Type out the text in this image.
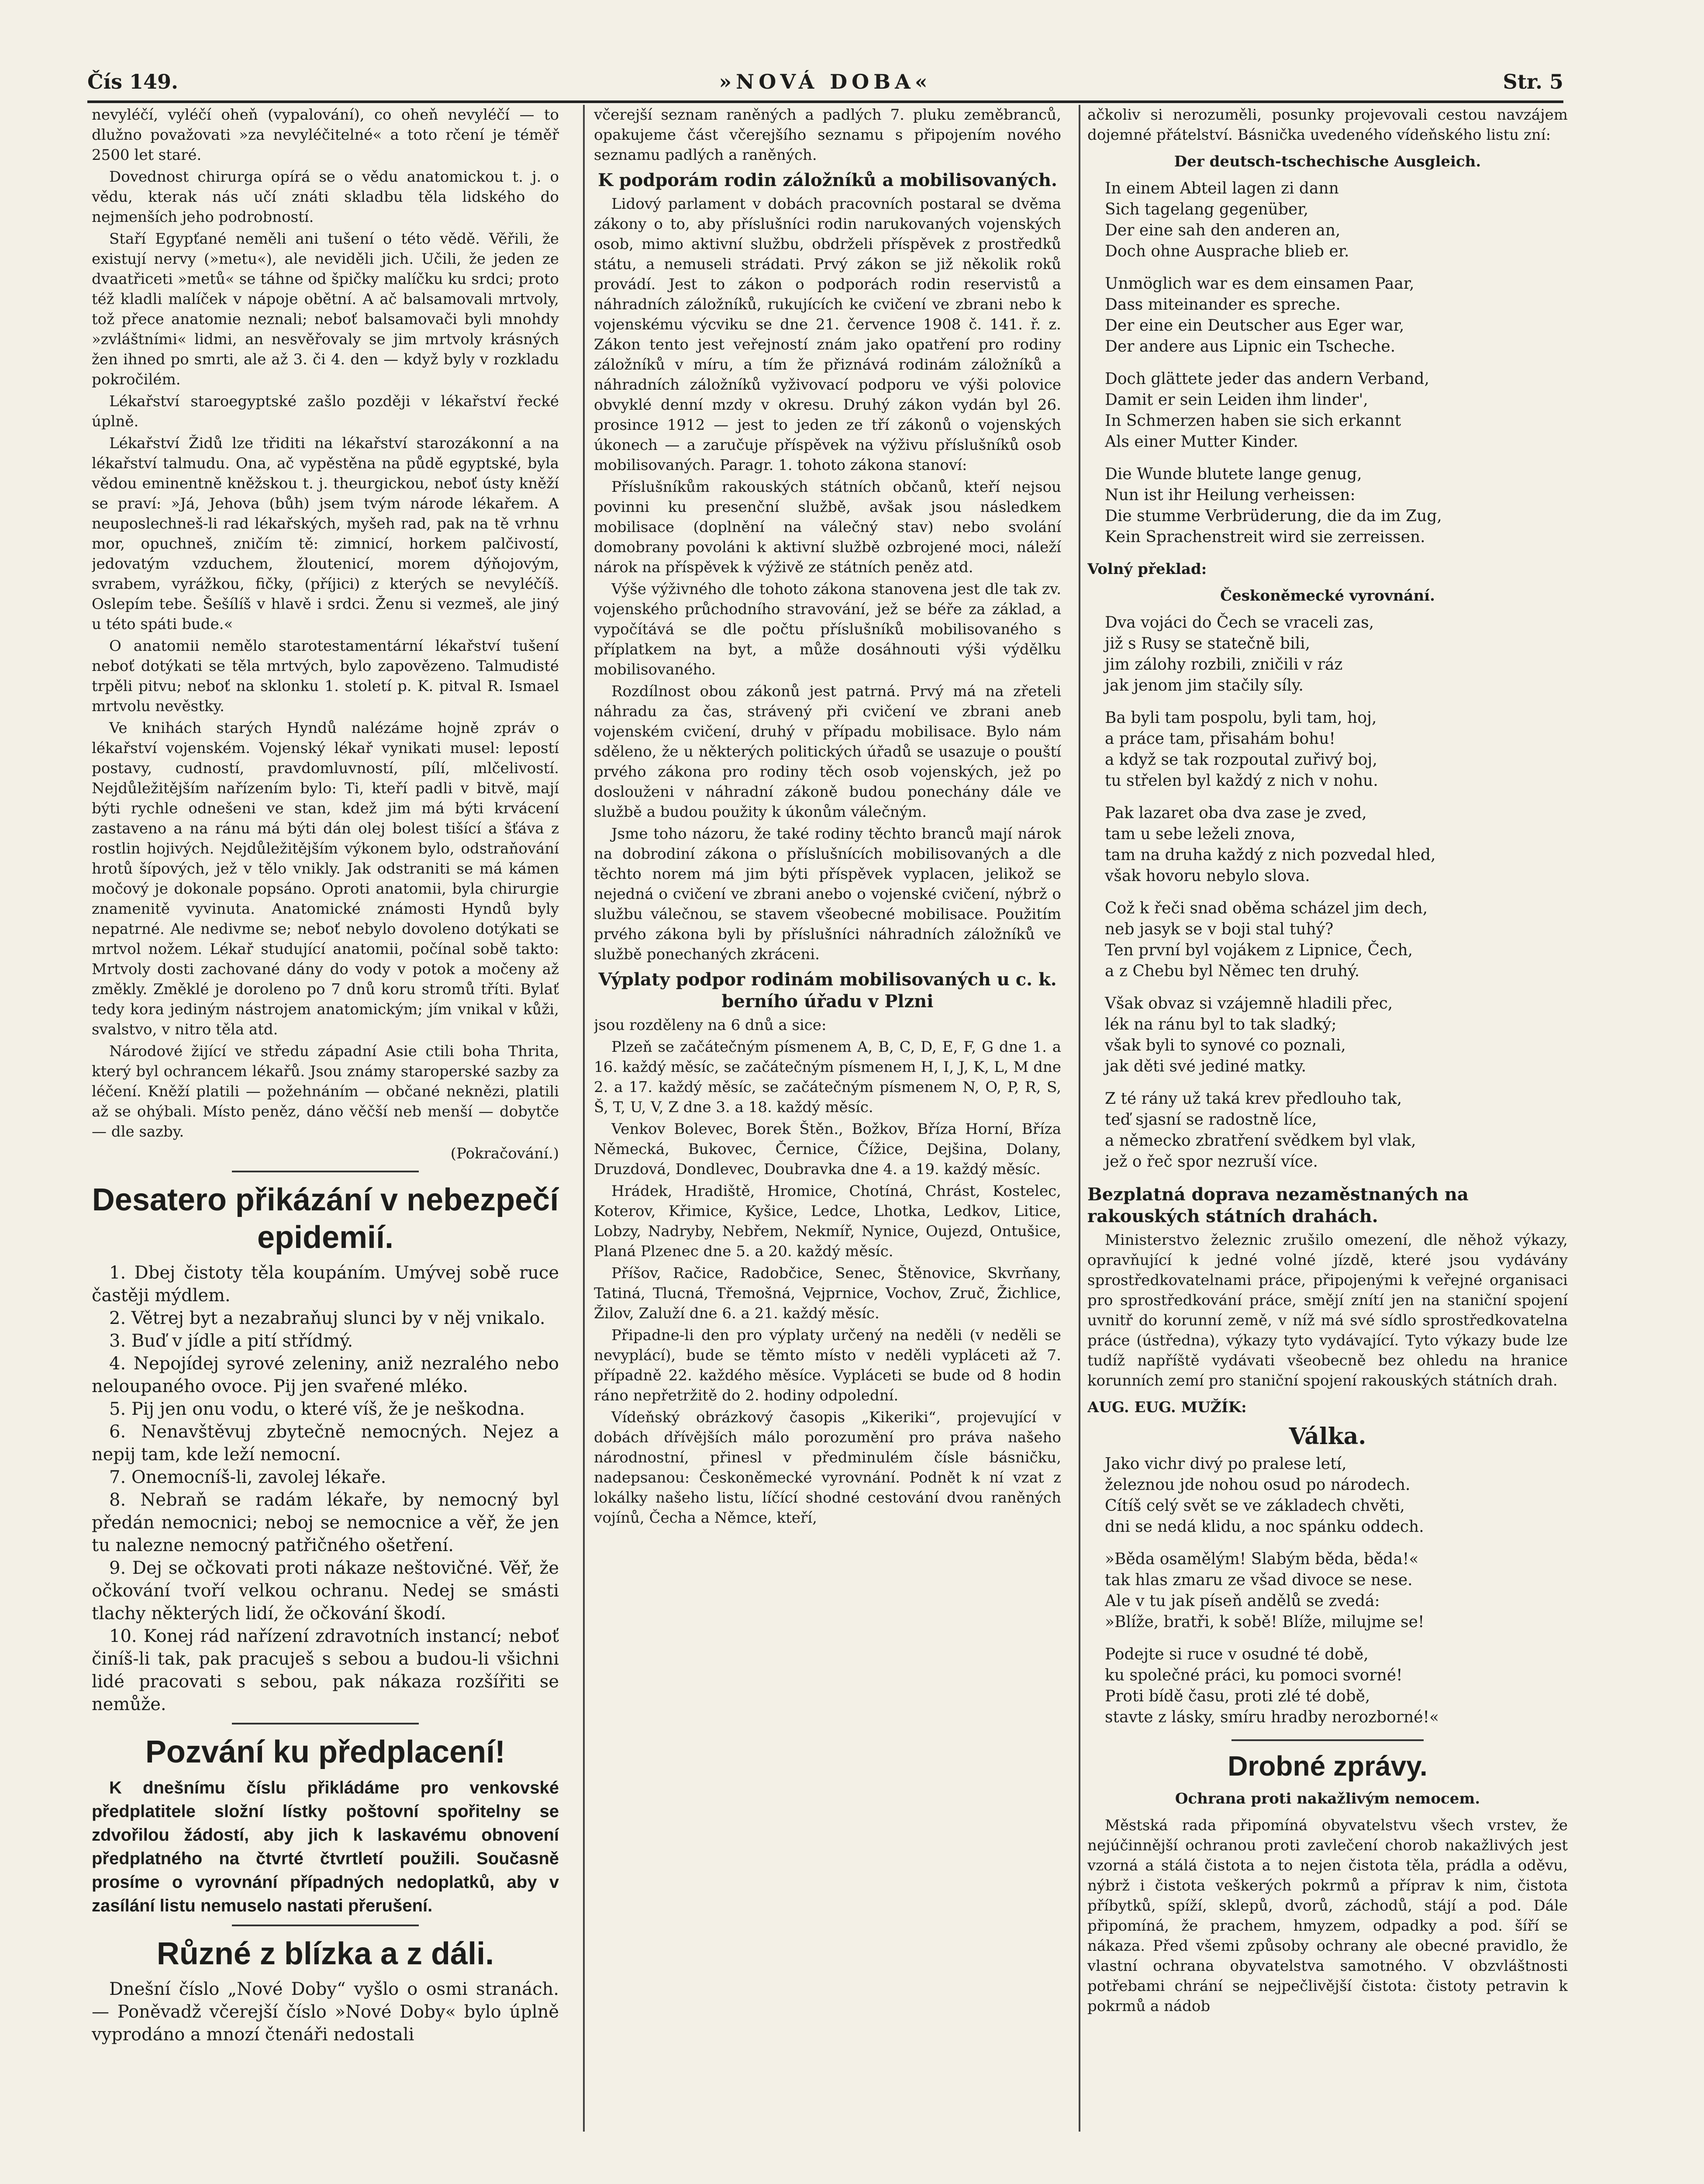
Čís 149.	»NOVÁ DOBA«	Str. 5

nevyléčí, vyléčí oheň (vypalování), co oheň nevyléčí — to dlužno považovati »za nevyléčitelné« a toto rčení je téměř 2500 let staré.

Dovednost chirurga opírá se o vědu anatomickou t. j. o vědu, kterak nás učí znáti skladbu těla lidského do nejmenších jeho podrobností.

Staří Egypťané neměli ani tušení o této vědě. Věřili, že existují nervy (»metu«), ale neviděli jich. Učili, že jeden ze dvaatřiceti »metů« se táhne od špičky malíčku ku srdci; proto též kladli malíček v nápoje obětní. A ač balsamovali mrtvoly, tož přece anatomie neznali; neboť balsamovači byli mnohdy »zvláštními« lidmi, an nesvěřovaly se jim mrtvoly krásných žen ihned po smrti, ale až 3. či 4. den — když byly v rozkladu pokročilém.

Lékařství staroegyptské zašlo později v lékařství řecké úplně.

Lékařství Židů lze třiditi na lékařství starozákonní a na lékařství talmudu. Ona, ač vypěstěna na půdě egyptské, byla vědou eminentně kněžskou t. j. theurgickou, neboť ústy kněží se praví: »Já, Jehova (bůh) jsem tvým národe lékařem. A neuposlechneš-li rad lékařských, myšeh rad, pak na tě vrhnu mor, opuchneš, zničím tě: zimnicí, horkem palčivostí, jedovatým vzduchem, žloutenicí, morem dýňojovým, svrabem, vyrážkou, fičky, (příjici) z kterých se nevyléčíš. Oslepím tebe. Šešílíš v hlavě i srdci. Ženu si vezmeš, ale jiný u této spáti bude.«

O anatomii nemělo starotestamentární lékařství tušení neboť dotýkati se těla mrtvých, bylo zapovězeno. Talmudisté trpěli pitvu; neboť na sklonku 1. století p. K. pitval R. Ismael mrtvolu nevěstky.

Ve knihách starých Hyndů nalézáme hojně zpráv o lékařství vojenském. Vojenský lékař vynikati musel: lepostí postavy, cudností, pravdomluvností, pílí, mlčelivostí. Nejdůležitějším nařízením bylo: Ti, kteří padli v bitvě, mají býti rychle odnešeni ve stan, kdež jim má býti krvácení zastaveno a na ránu má býti dán olej bolest tišící a šťáva z rostlin hojivých. Nejdůležitějším výkonem bylo, odstraňování hrotů šípových, jež v tělo vnikly. Jak odstraniti se má kámen močový je dokonale popsáno. Oproti anatomii, byla chirurgie znamenitě vyvinuta. Anatomické známosti Hyndů byly nepatrné. Ale nedivme se; neboť nebylo dovoleno dotýkati se mrtvol nožem. Lékař studující anatomii, počínal sobě takto: Mrtvoly dosti zachované dány do vody v potok a močeny až změkly. Změklé je doroleno po 7 dnů koru stromů tříti. Bylať tedy kora jediným nástrojem anatomickým; jím vnikal v kůži, svalstvo, v nitro těla atd.

Národové žijící ve středu západní Asie ctili boha Thrita, který byl ochrancem lékařů. Jsou známy staroperské sazby za léčení. Kněží platili — požehnáním — občané neknězi, platili až se ohýbali. Místo peněz, dáno věčší neb menší — dobytče — dle sazby.

(Pokračování.)

Desatero přikázání v nebezpečí epidemií.

1. Dbej čistoty těla koupáním. Umývej sobě ruce častěji mýdlem.

2. Větrej byt a nezabraňuj slunci by v něj vnikalo.

3. Buď v jídle a pití střídmý.

4. Nepojídej syrové zeleniny, aniž nezralého nebo neloupaného ovoce. Pij jen svařené mléko.

5. Pij jen onu vodu, o které víš, že je neškodna.

6. Nenavštěvuj zbytečně nemocných. Nejez a nepij tam, kde leží nemocní.

7. Onemocníš-li, zavolej lékaře.

8. Nebraň se radám lékaře, by nemocný byl předán nemocnici; neboj se nemocnice a věř, že jen tu nalezne nemocný patřičného ošetření.

9. Dej se očkovati proti nákaze neštovičné. Věř, že očkování tvoří velkou ochranu. Nedej se smásti tlachy některých lidí, že očkování škodí.

10. Konej rád nařízení zdravotních instancí; neboť činíš-li tak, pak pracuješ s sebou a budou-li všichni lidé pracovati s sebou, pak nákaza rozšířiti se nemůže.

Pozvání ku předplacení!

K dnešnímu číslu přikládáme pro venkovské předplatitele složní lístky poštovní spořitelny se zdvořilou žádostí, aby jich k laskavému obnovení předplatného na čtvrté čtvrtletí použili. Současně prosíme o vyrovnání případných nedoplatků, aby v zasílání listu nemuselo nastati přerušení.

Různé z blízka a z dáli.

Dnešní číslo „Nové Doby“ vyšlo o osmi stranách. — Poněvadž včerejší číslo »Nové Doby« bylo úplně vyprodáno a mnozí čtenáři nedostali

včerejší seznam raněných a padlých 7. pluku zeměbranců, opakujeme část včerejšího seznamu s připojením nového seznamu padlých a raněných.

K podporám rodin záložníků a mobilisovaných.

Lidový parlament v dobách pracovních postaral se dvěma zákony o to, aby příslušníci rodin narukovaných vojenských osob, mimo aktivní službu, obdrželi příspěvek z prostředků státu, a nemuseli strádati. Prvý zákon se již několik roků provádí. Jest to zákon o podporách rodin reservistů a náhradních záložníků, rukujících ke cvičení ve zbrani nebo k vojenskému výcviku se dne 21. července 1908 č. 141. ř. z. Zákon tento jest veřejností znám jako opatření pro rodiny záložníků v míru, a tím že přiznává rodinám záložníků a náhradních záložníků vyživovací podporu ve výši polovice obvyklé denní mzdy v okresu. Druhý zákon vydán byl 26. prosince 1912 — jest to jeden ze tří zákonů o vojenských úkonech — a zaručuje příspěvek na výživu příslušníků osob mobilisovaných. Paragr. 1. tohoto zákona stanoví:

Příslušníkům rakouských státních občanů, kteří nejsou povinni ku presenční službě, avšak jsou následkem mobilisace (doplnění na válečný stav) nebo svolání domobrany povoláni k aktivní službě ozbrojené moci, náleží nárok na příspěvek k výživě ze státních peněz atd.

Výše výživného dle tohoto zákona stanovena jest dle tak zv. vojenského průchodního stravování, jež se béře za základ, a vypočítává se dle počtu příslušníků mobilisovaného s příplatkem na byt, a může dosáhnouti výši výdělku mobilisovaného.

Rozdílnost obou zákonů jest patrná. Prvý má na zřeteli náhradu za čas, strávený při cvičení ve zbrani aneb vojenském cvičení, druhý v případu mobilisace. Bylo nám sděleno, že u některých politických úřadů se usazuje o pouští prvého zákona pro rodiny těch osob vojenských, jež po doslouženi v náhradní zákoně budou ponechány dále ve službě a budou použity k úkonům válečným.

Jsme toho názoru, že také rodiny těchto branců mají nárok na dobrodiní zákona o příslušnících mobilisovaných a dle těchto norem má jim býti příspěvek vyplacen, jelikož se nejedná o cvičení ve zbrani anebo o vojenské cvičení, nýbrž o službu válečnou, se stavem všeobecné mobilisace. Použitím prvého zákona byli by příslušníci náhradních záložníků ve službě ponechaných zkráceni.

Výplaty podpor rodinám mobilisovaných u c. k. berního úřadu v Plzni

jsou rozděleny na 6 dnů a sice:

Plzeň se začátečným písmenem A, B, C, D, E, F, G dne 1. a 16. každý měsíc, se začátečným písmenem H, I, J, K, L, M dne 2. a 17. každý měsíc, se začátečným písmenem N, O, P, R, S, Š, T, U, V, Z dne 3. a 18. každý měsíc.

Venkov Bolevec, Borek Štěn., Božkov, Bříza Horní, Bříza Německá, Bukovec, Černice, Čížice, Dejšina, Dolany, Druzdová, Dondlevec, Doubravka dne 4. a 19. každý měsíc.

Hrádek, Hradiště, Hromice, Chotíná, Chrást, Kostelec, Koterov, Křimice, Kyšice, Ledce, Lhotka, Ledkov, Litice, Lobzy, Nadryby, Nebřem, Nekmíř, Nynice, Oujezd, Ontušice, Planá Plzenec dne 5. a 20. každý měsíc.

Příšov, Račice, Radobčice, Senec, Štěnovice, Skvrňany, Tatiná, Tlucná, Třemošná, Vejprnice, Vochov, Zruč, Žichlice, Žilov, Zaluží dne 6. a 21. každý měsíc.

Připadne-li den pro výplaty určený na neděli (v neděli se nevyplácí), bude se těmto místo v neděli vypláceti až 7. případně 22. každého měsíce. Vypláceti se bude od 8 hodin ráno nepřetržitě do 2. hodiny odpolední.

Vídeňský obrázkový časopis „Kikeriki“, projevující v dobách dřívějších málo porozumění pro práva našeho národnostní, přinesl v předminulém čísle básničku, nadepsanou: Českoněmecké vyrovnání. Podnět k ní vzat z lokálky našeho listu, líčící shodné cestování dvou raněných vojínů, Čecha a Němce, kteří,

ačkoliv si nerozuměli, posunky projevovali cestou navzájem dojemné přátelství. Básnička uvedeného vídeňského listu zní:

Der deutsch-tschechische Ausgleich.
In einem Abteil lagen zi dann
Sich tagelang gegenüber,
Der eine sah den anderen an,
Doch ohne Ausprache blieb er.
Unmöglich war es dem einsamen Paar,
Dass miteinander es spreche.
Der eine ein Deutscher aus Eger war,
Der andere aus Lipnic ein Tscheche.
Doch glättete jeder das andern Verband,
Damit er sein Leiden ihm linder',
In Schmerzen haben sie sich erkannt
Als einer Mutter Kinder.
Die Wunde blutete lange genug,
Nun ist ihr Heilung verheissen:
Die stumme Verbrüderung, die da im Zug,
Kein Sprachenstreit wird sie zerreissen.

Volný překlad:

Českoněmecké vyrovnání.
Dva vojáci do Čech se vraceli zas,
již s Rusy se statečně bili,
jim zálohy rozbili, zničili v ráz
jak jenom jim stačily síly.
Ba byli tam pospolu, byli tam, hoj,
a práce tam, přisahám bohu!
a když se tak rozpoutal zuřivý boj,
tu střelen byl každý z nich v nohu.
Pak lazaret oba dva zase je zved,
tam u sebe leželi znova,
tam na druha každý z nich pozvedal hled,
však hovoru nebylo slova.
Což k řeči snad oběma scházel jim dech,
neb jasyk se v boji stal tuhý?
Ten první byl vojákem z Lipnice, Čech,
a z Chebu byl Němec ten druhý.
Však obvaz si vzájemně hladili přec,
lék na ránu byl to tak sladký;
však byli to synové co poznali,
jak děti své jediné matky.
Z té rány už taká krev předlouho tak,
teď sjasní se radostně líce,
a německo zbratření svědkem byl vlak,
jež o řeč spor nezruší více.
Bezplatná doprava nezaměstnaných na rakouských státních drahách.

Ministerstvo železnic zrušilo omezení, dle něhož výkazy, opravňující k jedné volné jízdě, které jsou vydávány sprostředkovatelnami práce, připojenými k veřejné organisaci pro sprostředkování práce, smějí znítí jen na staniční spojení uvnitř do korunní země, v níž má své sídlo sprostředkovatelna práce (ústředna), výkazy tyto vydávající. Tyto výkazy bude lze tudíž napříště vydávati všeobecně bez ohledu na hranice korunních zemí pro staniční spojení rakouských státních drah.

AUG. EUG. MUŽÍK:
Válka.
Jako vichr divý po pralese letí,
železnou jde nohou osud po národech.
Cítíš celý svět se ve základech chvěti,
dni se nedá klidu, a noc spánku oddech.
»Běda osamělým! Slabým běda, běda!«
tak hlas zmaru ze všad divoce se nese.
Ale v tu jak píseň andělů se zvedá:
»Blíže, bratři, k sobě! Blíže, milujme se!
Podejte si ruce v osudné té době,
ku společné práci, ku pomoci svorné!
Proti bídě času, proti zlé té době,
stavte z lásky, smíru hradby nerozborné!«
Drobné zprávy.
Ochrana proti nakažlivým nemocem.

Městská rada připomíná obyvatelstvu všech vrstev, že nejúčinnější ochranou proti zavlečení chorob nakažlivých jest vzorná a stálá čistota a to nejen čistota těla, prádla a oděvu, nýbrž i čistota veškerých pokrmů a příprav k nim, čistota příbytků, spíží, sklepů, dvorů, záchodů, stájí a pod. Dále připomíná, že prachem, hmyzem, odpadky a pod. šíří se nákaza. Před všemi způsoby ochrany ale obecné pravidlo, že vlastní ochrana obyvatelstva samotného. V obzvláštnosti potřebami chrání se nejpečlivější čistota: čistoty petravin k pokrmů a nádob
